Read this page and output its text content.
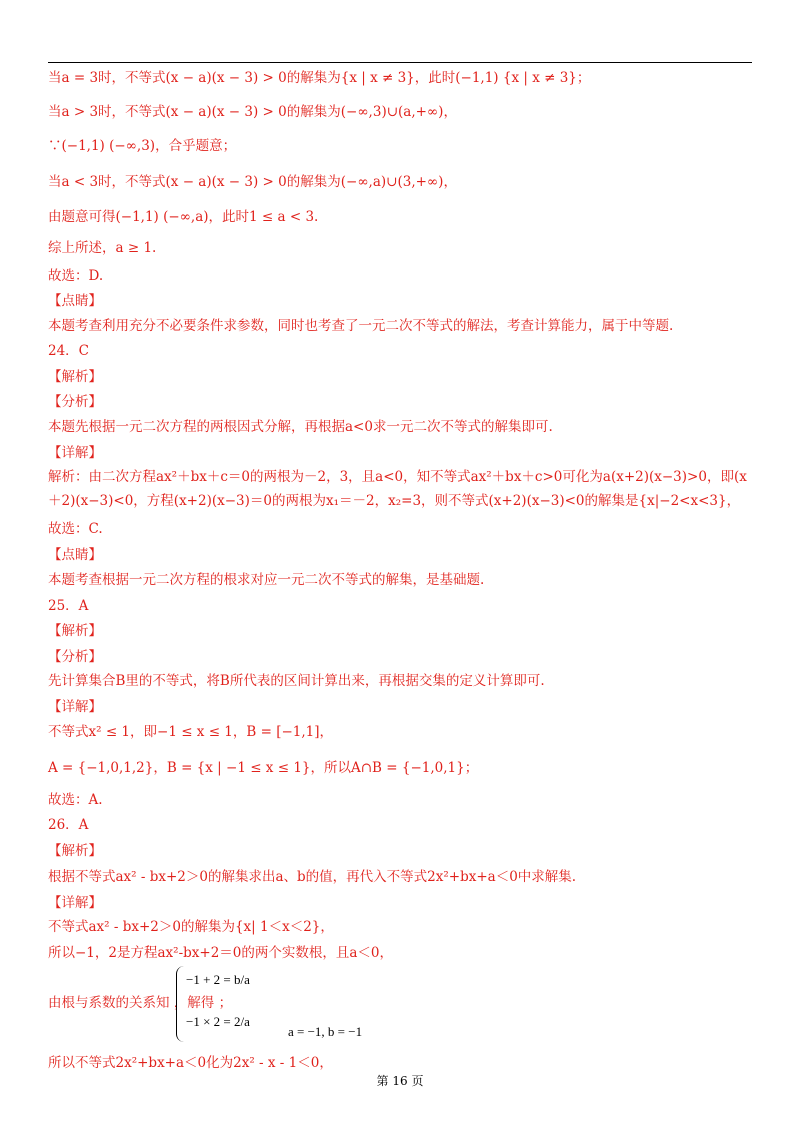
当a = 3时，不等式(x − a)(x − 3) > 0的解集为{x | x ≠ 3}，此时(−1,1) {x | x ≠ 3}；
当a > 3时，不等式(x − a)(x − 3) > 0的解集为(−∞,3)∪(a,+∞)，
∵(−1,1) (−∞,3)，合乎题意；
当a < 3时，不等式(x − a)(x − 3) > 0的解集为(−∞,a)∪(3,+∞)，
由题意可得(−1,1) (−∞,a)，此时1 ≤ a < 3.
综上所述，a ≥ 1.
故选：D.
【点睛】
本题考查利用充分不必要条件求参数，同时也考查了一元二次不等式的解法，考查计算能力，属于中等题.
24．C
【解析】
【分析】
本题先根据一元二次方程的两根因式分解，再根据a<0求一元二次不等式的解集即可.
【详解】
解析：由二次方程ax²＋bx＋c＝0的两根为－2，3，且a<0，知不等式ax²＋bx＋c>0可化为a(x+2)(x−3)>0，即(x
＋2)(x−3)<0，方程(x+2)(x−3)＝0的两根为x₁＝－2，x₂=3，则不等式(x+2)(x−3)<0的解集是{x|−2<x<3}，
故选：C.
【点睛】
本题考查根据一元二次方程的根求对应一元二次不等式的解集，是基础题.
25．A
【解析】
【分析】
先计算集合B里的不等式，将B所代表的区间计算出来，再根据交集的定义计算即可.
【详解】
不等式x² ≤ 1，即−1 ≤ x ≤ 1，B = [−1,1]，
A = {−1,0,1,2}，B = {x | −1 ≤ x ≤ 1}，所以A∩B = {−1,0,1}；
故选：A.
26．A
【解析】
根据不等式ax² - bx+2＞0的解集求出a、b的值，再代入不等式2x²+bx+a＜0中求解集.
【详解】
不等式ax² - bx+2＞0的解集为{x| 1＜x＜2}，
所以−1，2是方程ax²-bx+2＝0的两个实数根，且a＜0，
由根与系数的关系知 ，解得 ；
所以不等式2x²+bx+a＜0化为2x² - x - 1＜0，
−1 + 2 = b/a
−1 × 2 = 2/a
a = −1, b = −1
第 16 页
